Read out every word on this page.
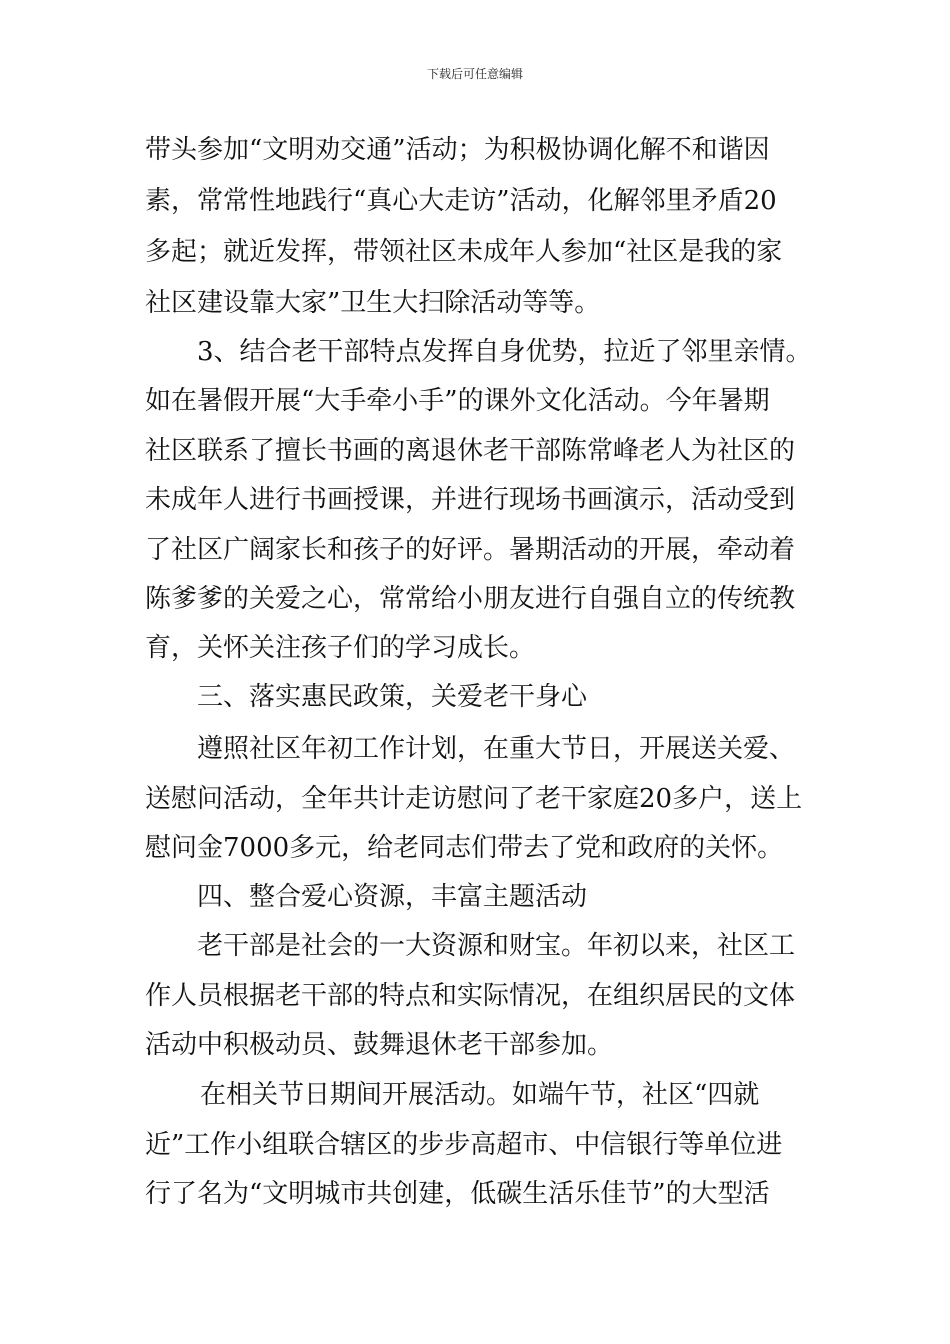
下载后可任意编辑
带头参加“文明劝交通”活动；为积极协调化解不和谐因
素，常常性地践行“真心大走访”活动，化解邻里矛盾20
多起；就近发挥，带领社区未成年人参加“社区是我的家
社区建设靠大家”卫生大扫除活动等等。
3、结合老干部特点发挥自身优势，拉近了邻里亲情。
如在暑假开展“大手牵小手”的课外文化活动。今年暑期
社区联系了擅长书画的离退休老干部陈常峰老人为社区的
未成年人进行书画授课，并进行现场书画演示，活动受到
了社区广阔家长和孩子的好评。暑期活动的开展，牵动着
陈爹爹的关爱之心，常常给小朋友进行自强自立的传统教
育，关怀关注孩子们的学习成长。
三、落实惠民政策，关爱老干身心
遵照社区年初工作计划，在重大节日，开展送关爱、
送慰问活动，全年共计走访慰问了老干家庭20多户，送上
慰问金7000多元，给老同志们带去了党和政府的关怀。
四、整合爱心资源，丰富主题活动
老干部是社会的一大资源和财宝。年初以来，社区工
作人员根据老干部的特点和实际情况，在组织居民的文体
活动中积极动员、鼓舞退休老干部参加。
在相关节日期间开展活动。如端午节，社区“四就
近”工作小组联合辖区的步步高超市、中信银行等单位进
行了名为“文明城市共创建，低碳生活乐佳节”的大型活
